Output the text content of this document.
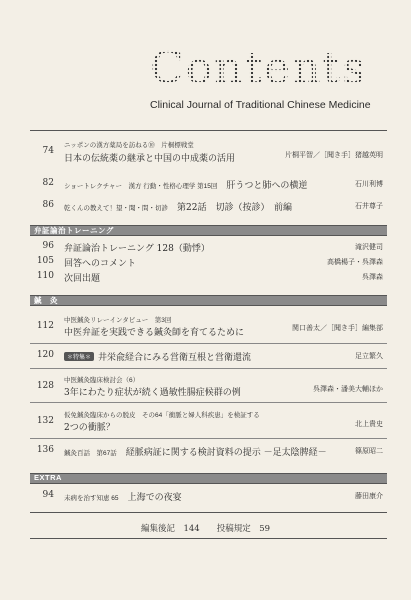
Contents
Clinical Journal of Traditional Chinese Medicine
74
ニッポンの漢方薬局を訪ねる⑩　片桐標戦堂
日本の伝統薬の継承と中国の中成薬の活用	片桐平智／［聞き手］猪越英明
82 ショートレクチャー　漢方 行動・性格心理学 第15回　 肝うつと肺への横逆	石川利博
86 乾くんの教えて！望・聞・問・切診　 第22話　切診（按診）　前編	石井尊子
弁証論治トレーニング
96 弁証論治トレーニング 128（動悸）	滝沢健司
105 回答へのコメント	高橋楊子・呉澤森
110 次回出題	呉澤森
鍼　灸
112
中医鍼灸リレーインタビュー　第3回
中医弁証を実践できる鍼灸師を育てるために	関口善太／［聞き手］編集部
120	＊特集＊ 井栄兪経合にみる営衛互根と営衛還流	足立繁久
128
中医鍼灸臨床検討会（6）
3年にわたり症状が続く過敏性腸症候群の例	呉澤森・潘美大輔ほか
132
仮免鍼灸臨床からの脱皮　その64「衝脈と婦人科疾患」を検証する
2つの衝脈？	北上貴史
136 鍼灸百話　第67話　 経脈病証に関する検討資料の提示 －足太陰脾経－	篠原昭二
EXTRA
94 未病を治す知恵 65　 上海での夜宴	藤田康介
編集後記　144　　投稿規定　59
